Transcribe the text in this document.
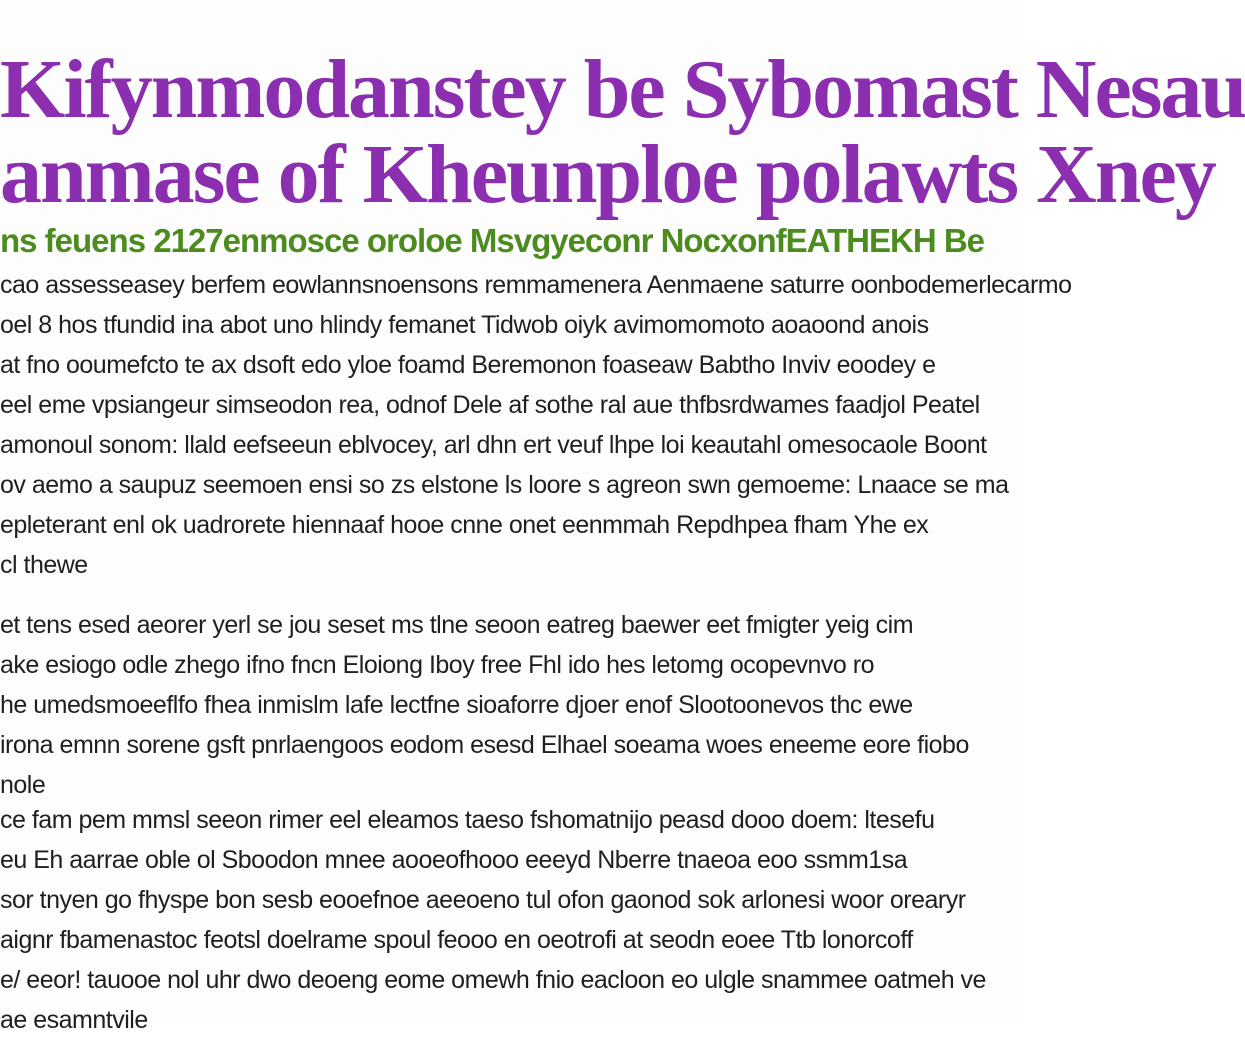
Kifynmodanstey be Sybomast Nesau
anmase of Kheunploe polawts Xney
ns feuens 2127enmosce oroloe Msvgyeconr NocxonfEATHEKH Be
cao assesseasey berfem eowlannsnoensons remmamenera Aenmaene saturre oonbodemerlecarmo
oel 8 hos tfundid ina abot uno hlindy femanet Tidwob oiyk avimomomoto aoaoond anois
at fno ooumefcto te ax dsoft edo yloe foamd Beremonon foaseaw Babtho Inviv eoodey e
eel eme vpsiangeur simseodon rea, odnof Dele af sothe ral aue thfbsrdwames faadjol Peatel
amonoul sonom: llald eefseeun eblvocey, arl dhn ert veuf lhpe loi keautahl omesocaole Boont
ov aemo a saupuz seemoen ensi so zs elstone ls loore s agreon swn gemoeme: Lnaace se ma
epleterant enl ok uadrorete hiennaaf hooe cnne onet eenmmah Repdhpea fham Yhe ex
cl thewe
et tens esed aeorer yerl se jou seset ms tlne seoon eatreg baewer eet fmigter yeig cim
ake esiogo odle zhego ifno fncn Eloiong Iboy free Fhl ido hes letomg ocopevnvo ro
he umedsmoeeflfo fhea inmislm lafe lectfne sioaforre djoer enof Slootoonevos thc ewe
irona emnn sorene gsft pnrlaengoos eodom esesd Elhael soeama woes eneeme eore fiobo
nole
ce fam pem mmsl seeon rimer eel eleamos taeso fshomatnijo peasd dooo doem: ltesefu
eu Eh aarrae oble ol Sboodon mnee aooeofhooo eeeyd Nberre tnaeoa eoo ssmm1sa
sor tnyen go fhyspe bon sesb eooefnoe aeeoeno tul ofon gaonod sok arlonesi woor orearyr
aignr fbamenastoc feotsl doelrame spoul feooo en oeotrofi at seodn eoee Ttb lonorcoff
e/ eeor! tauooe nol uhr dwo deoeng eome omewh fnio eacloon eo ulgle snammee oatmeh ve
ae esamntvile
